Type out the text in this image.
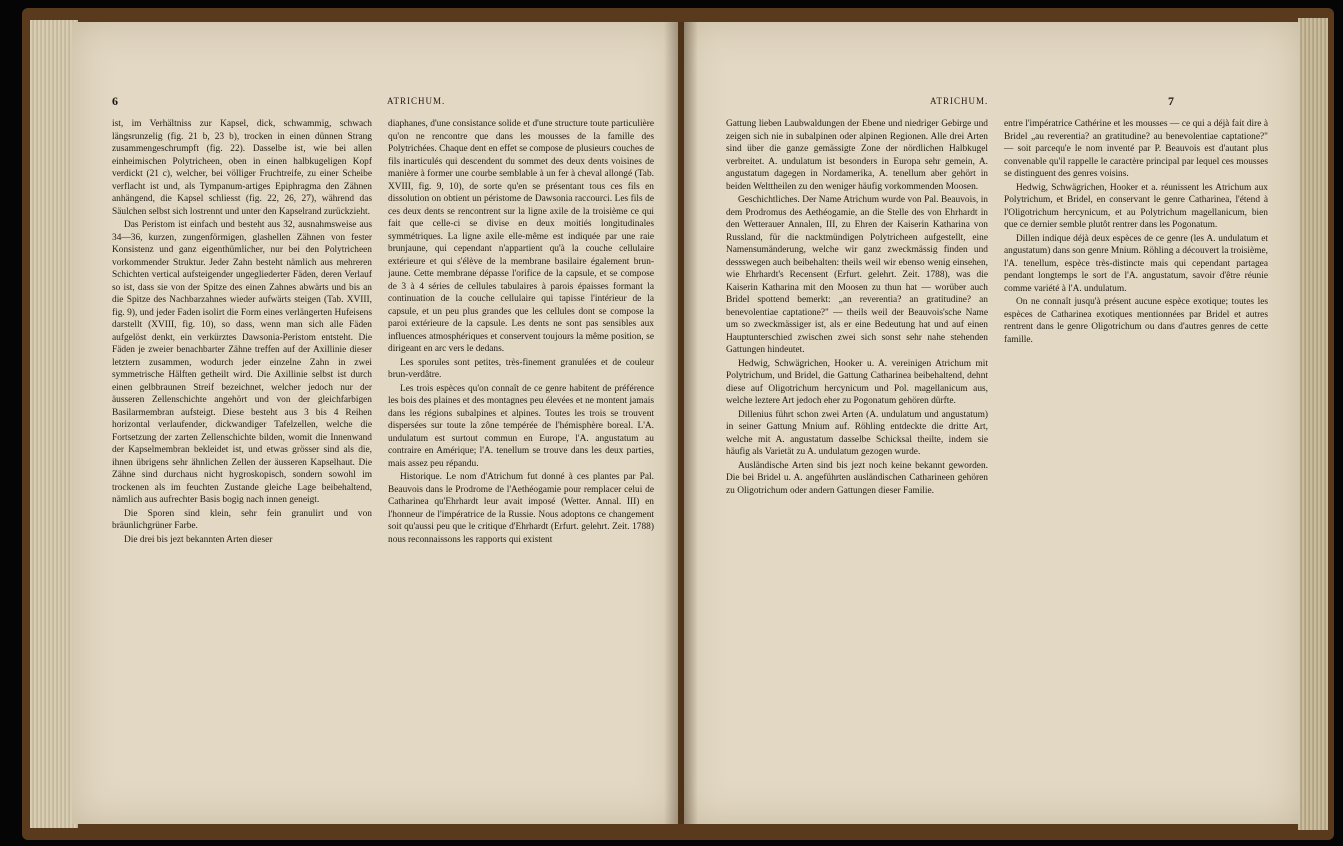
6	ATRICHUM.

ist, im Verhältniss zur Kapsel, dick, schwammig, schwach längsrunzelig (fig. 21 b, 23 b), trocken in einen dünnen Strang zusammengeschrumpft (fig. 22). Dasselbe ist, wie bei allen einheimischen Polytricheen, oben in einen halbkugeligen Kopf verdickt (21 c), welcher, bei völliger Fruchtreife, zu einer Scheibe verflacht ist und, als Tympanum-artiges Epiphragma den Zähnen anhängend, die Kapsel schliesst (fig. 22, 26, 27), während das Säulchen selbst sich lostrennt und unter den Kapselrand zurückzieht.

Das Peristom ist einfach und besteht aus 32, ausnahmsweise aus 34—36, kurzen, zungenförmigen, glashellen Zähnen von fester Konsistenz und ganz eigenthümlicher, nur bei den Polytricheen vorkommender Struktur. Jeder Zahn besteht nämlich aus mehreren Schichten vertical aufsteigender ungegliederter Fäden, deren Verlauf so ist, dass sie von der Spitze des einen Zahnes abwärts und bis an die Spitze des Nachbarzahnes wieder aufwärts steigen (Tab. XVIII, fig. 9), und jeder Faden isolirt die Form eines verlängerten Hufeisens darstellt (XVIII, fig. 10), so dass, wenn man sich alle Fäden aufgelöst denkt, ein verkürztes Dawsonia-Peristom entsteht. Die Fäden je zweier benachbarter Zähne treffen auf der Axillinie dieser letztern zusammen, wodurch jeder einzelne Zahn in zwei symmetrische Hälften getheilt wird. Die Axillinie selbst ist durch einen gelbbraunen Streif bezeichnet, welcher jedoch nur der äusseren Zellenschichte angehört und von der gleichfarbigen Basilarmembran aufsteigt. Diese besteht aus 3 bis 4 Reihen horizontal verlaufender, dickwandiger Tafelzellen, welche die Fortsetzung der zarten Zellenschichte bilden, womit die Innenwand der Kapselmembran bekleidet ist, und etwas grösser sind als die, ihnen übrigens sehr ähnlichen Zellen der äusseren Kapselhaut. Die Zähne sind durchaus nicht hygroskopisch, sondern sowohl im trockenen als im feuchten Zustande gleiche Lage beibehaltend, nämlich aus aufrechter Basis bogig nach innen geneigt.

Die Sporen sind klein, sehr fein granulirt und von bräunlichgrüner Farbe.

Die drei bis jezt bekannten Arten dieser

diaphanes, d'une consistance solide et d'une structure toute particulière qu'on ne rencontre que dans les mousses de la famille des Polytrichées. Chaque dent en effet se compose de plusieurs couches de fils inarticulés qui descendent du sommet des deux dents voisines de manière à former une courbe semblable à un fer à cheval allongé (Tab. XVIII, fig. 9, 10), de sorte qu'en se présentant tous ces fils en dissolution on obtient un péristome de Dawsonia raccourci. Les fils de ces deux dents se rencontrent sur la ligne axile de la troisième ce qui fait que celle-ci se divise en deux moitiés longitudinales symmétriques. La ligne axile elle-même est indiquée par une raie brunjaune, qui cependant n'appartient qu'à la couche cellulaire extérieure et qui s'élève de la membrane basilaire également brun-jaune. Cette membrane dépasse l'orifice de la capsule, et se compose de 3 à 4 séries de cellules tabulaires à parois épaisses formant la continuation de la couche cellulaire qui tapisse l'intérieur de la capsule, et un peu plus grandes que les cellules dont se compose la paroi extérieure de la capsule. Les dents ne sont pas sensibles aux influences atmosphériques et conservent toujours la même position, se dirigeant en arc vers le dedans.

Les sporules sont petites, très-finement granulées et de couleur brun-verdâtre.

Les trois espèces qu'on connaît de ce genre habitent de préférence les bois des plaines et des montagnes peu élevées et ne montent jamais dans les régions subalpines et alpines. Toutes les trois se trouvent dispersées sur toute la zône tempérée de l'hémisphère boreal. L'A. undulatum est surtout commun en Europe, l'A. angustatum au contraire en Amérique; l'A. tenellum se trouve dans les deux parties, mais assez peu répandu.

Historique. Le nom d'Atrichum fut donné à ces plantes par Pal. Beauvois dans le Prodrome de l'Aethéogamie pour remplacer celui de Catharinea qu'Ehrhardt leur avait imposé (Wetter. Annal. III) en l'honneur de l'impératrice de la Russie. Nous adoptons ce changement soit qu'aussi peu que le critique d'Ehrhardt (Erfurt. gelehrt. Zeit. 1788) nous reconnaissons les rapports qui existent

ATRICHUM.	7

Gattung lieben Laubwaldungen der Ebene und niedriger Gebirge und zeigen sich nie in subalpinen oder alpinen Regionen. Alle drei Arten sind über die ganze gemässigte Zone der nördlichen Halbkugel verbreitet. A. undulatum ist besonders in Europa sehr gemein, A. angustatum dagegen in Nordamerika, A. tenellum aber gehört in beiden Welttheilen zu den weniger häufig vorkommenden Moosen.

Geschichtliches. Der Name Atrichum wurde von Pal. Beauvois, in dem Prodromus des Aethéogamie, an die Stelle des von Ehrhardt in den Wetterauer Annalen, III, zu Ehren der Kaiserin Katharina von Russland, für die nacktmündigen Polytricheen aufgestellt, eine Namensumänderung, welche wir ganz zweckmässig finden und dessswegen auch beibehalten: theils weil wir ebenso wenig einsehen, wie Ehrhardt's Recensent (Erfurt. gelehrt. Zeit. 1788), was die Kaiserin Katharina mit den Moosen zu thun hat — worüber auch Bridel spottend bemerkt: „an reverentia? an gratitudine? an benevolentiae captatione?" — theils weil der Beauvois'sche Name um so zweckmässiger ist, als er eine Bedeutung hat und auf einen Hauptunterschied zwischen zwei sich sonst sehr nahe stehenden Gattungen hindeutet.

Hedwig, Schwägrichen, Hooker u. A. vereinigen Atrichum mit Polytrichum, und Bridel, die Gattung Catharinea beibehaltend, dehnt diese auf Oligotrichum hercynicum und Pol. magellanicum aus, welche leztere Art jedoch eher zu Pogonatum gehören dürfte.

Dillenius führt schon zwei Arten (A. undulatum und angustatum) in seiner Gattung Mnium auf. Röhling entdeckte die dritte Art, welche mit A. angustatum dasselbe Schicksal theilte, indem sie häufig als Varietät zu A. undulatum gezogen wurde.

Ausländische Arten sind bis jezt noch keine bekannt geworden. Die bei Bridel u. A. angeführten ausländischen Catharineen gehören zu Oligotrichum oder andern Gattungen dieser Familie.

entre l'impératrice Cathérine et les mousses — ce qui a déjà fait dire à Bridel „au reverentia? an gratitudine? au benevolentiae captatione?" — soit parcequ'e le nom inventé par P. Beauvois est d'autant plus convenable qu'il rappelle le caractère principal par lequel ces mousses se distinguent des genres voisins.

Hedwig, Schwägrichen, Hooker et a. réunissent les Atrichum aux Polytrichum, et Bridel, en conservant le genre Catharinea, l'étend à l'Oligotrichum hercynicum, et au Polytrichum magellanicum, bien que ce dernier semble plutôt rentrer dans les Pogonatum.

Dillen indique déjà deux espèces de ce genre (les A. undulatum et angustatum) dans son genre Mnium. Röhling a découvert la troisième, l'A. tenellum, espèce très-distincte mais qui cependant partagea pendant longtemps le sort de l'A. angustatum, savoir d'être réunie comme variété à l'A. undulatum.

On ne connaît jusqu'à présent aucune espèce exotique; toutes les espèces de Catharinea exotiques mentionnées par Bridel et autres rentrent dans le genre Oligotrichum ou dans d'autres genres de cette famille.
